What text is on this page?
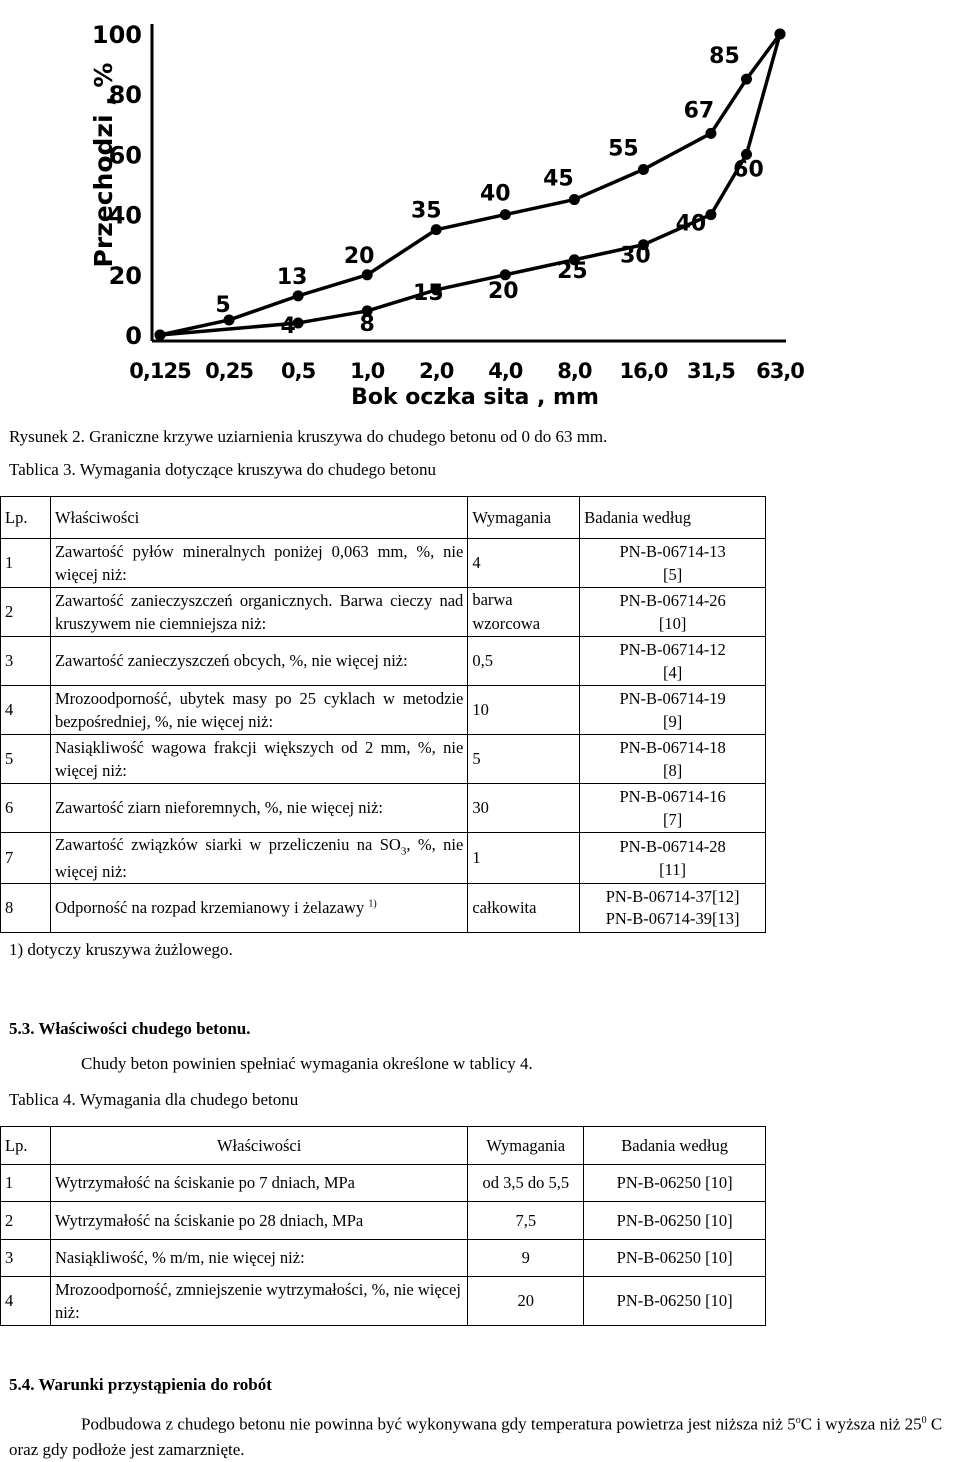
0
20
40
60
80
100
0,125 0,25 0,5 1,0 2,0 4,0 8,0 16,0 31,5 63,0
5
13
20
35
40
45
55
67
85
4	8
15 20
25
30
40
60
Przechodzi , %
Bok oczka sita , mm
Rysunek 2. Graniczne krzywe uziarnienia kruszywa do chudego betonu od 0 do 63 mm.
Tablica 3. Wymagania dotyczące kruszywa do chudego betonu
Lp.	Właściwości	Wymagania	Badania według
1	Zawartość pyłów mineralnych poniżej 0,063 mm, %, nie więcej niż:	4	PN-B-06714-13
[5]
2	Zawartość zanieczyszczeń organicznych. Barwa cieczy nad kruszywem nie ciemniejsza niż:	barwa wzorcowa	PN-B-06714-26
[10]
3	Zawartość zanieczyszczeń obcych, %, nie więcej niż:	0,5	PN-B-06714-12
[4]
4	Mrozoodporność, ubytek masy po 25 cyklach w metodzie bezpośredniej, %, nie więcej niż:	10	PN-B-06714-19
[9]
5	Nasiąkliwość wagowa frakcji większych od 2 mm, %, nie więcej niż:	5	PN-B-06714-18
[8]
6	Zawartość ziarn nieforemnych, %, nie więcej niż:	30	PN-B-06714-16
[7]
7	Zawartość związków siarki w przeliczeniu na $SO_3$, %, nie więcej niż:	1	PN-B-06714-28
[11]
8	Odporność na rozpad krzemianowy i żelazawy $^{1)}$	całkowita	PN-B-06714-37[12]
PN-B-06714-39[13]
1) dotyczy kruszywa żużlowego.
5.3. Właściwości chudego betonu.
Chudy beton powinien spełniać wymagania określone w tablicy 4.
Tablica 4. Wymagania dla chudego betonu
Lp.	Właściwości	Wymagania	Badania według
1	Wytrzymałość na ściskanie po 7 dniach, MPa	od 3,5 do 5,5	PN-B-06250 [10]
2	Wytrzymałość na ściskanie po 28 dniach, MPa	7,5	PN-B-06250 [10]
3	Nasiąkliwość, % m/m, nie więcej niż:	9	PN-B-06250 [10]
4	Mrozoodporność, zmniejszenie wytrzymałości, %, nie więcej niż:	20	PN-B-06250 [10]
5.4. Warunki przystąpienia do robót
Podbudowa z chudego betonu nie powinna być wykonywana gdy temperatura powietrza jest niższa niż 5$^o$C i wyższa niż $25^0$ C oraz gdy podłoże jest zamarznięte.
